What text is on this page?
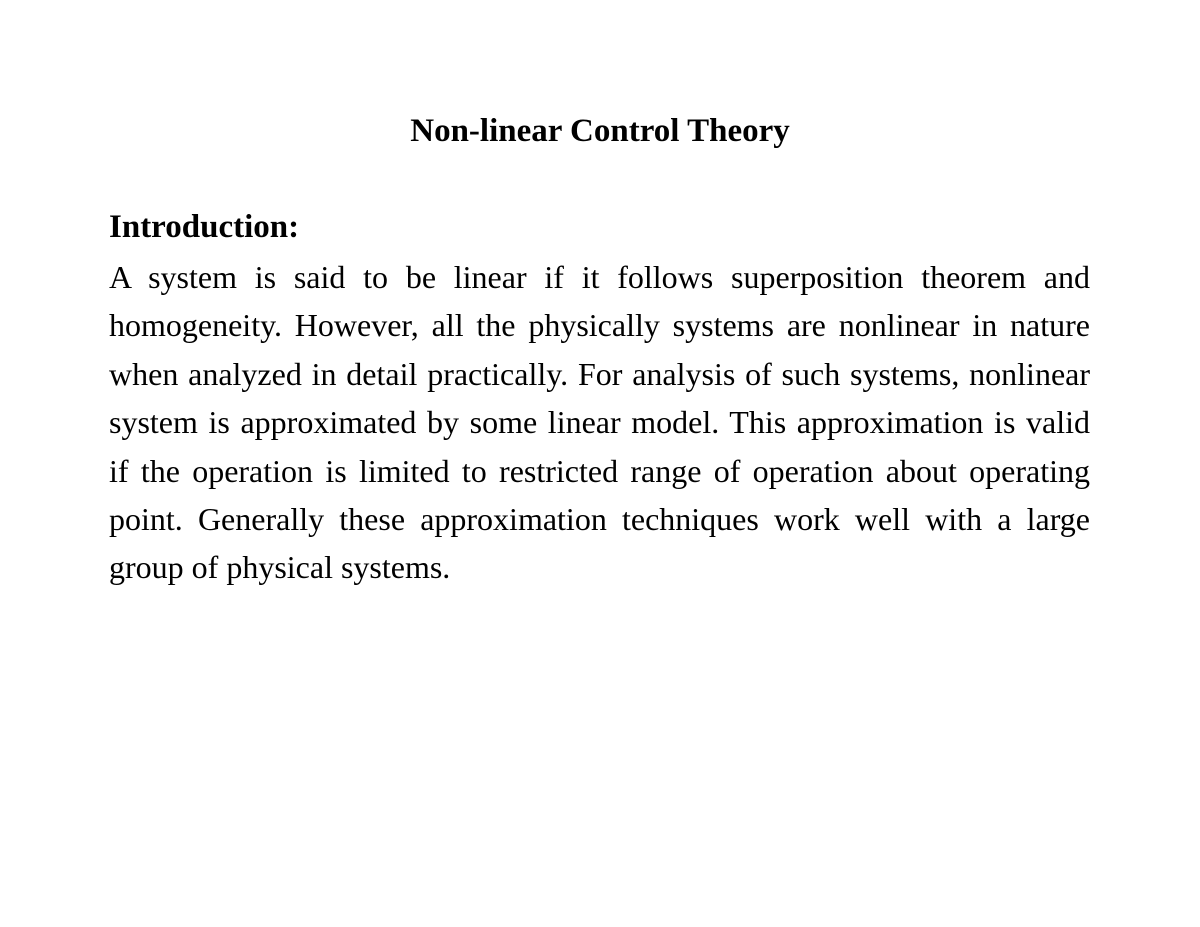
Non-linear Control Theory
Introduction:

A system is said to be linear if it follows superposition theorem and homogeneity. However, all the physically systems are nonlinear in nature when analyzed in detail practically. For analysis of such systems, nonlinear system is approximated by some linear model. This approximation is valid if the operation is limited to restricted range of operation about operating point. Generally these approximation techniques work well with a large group of physical systems.
